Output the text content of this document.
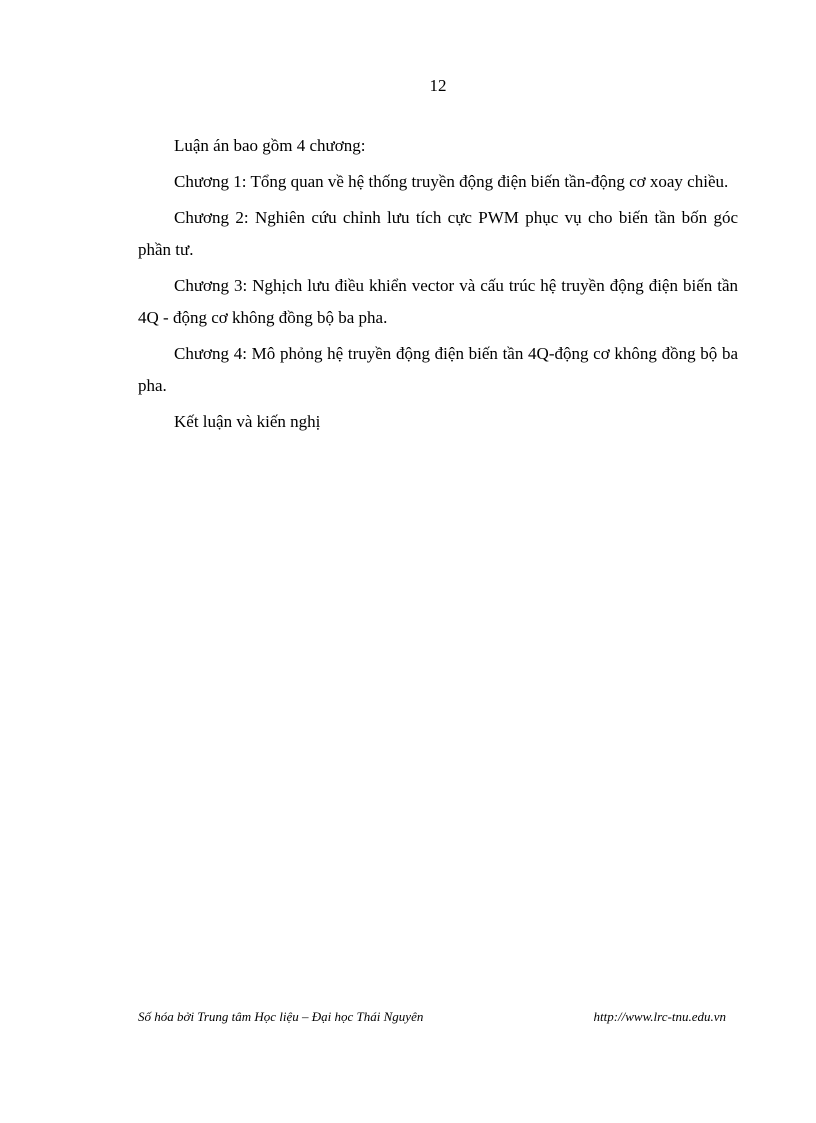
12

Luận án bao gồm 4 chương:

Chương 1: Tổng quan về hệ thống truyền động điện biến tần-động cơ xoay chiều.

Chương 2: Nghiên cứu chỉnh lưu tích cực PWM phục vụ cho biến tần bốn góc phần tư.

Chương 3: Nghịch lưu điều khiển vector và cấu trúc hệ truyền động điện biến tần 4Q - động cơ không đồng bộ ba pha.

Chương 4: Mô phỏng hệ truyền động điện biến tần 4Q-động cơ không đồng bộ ba pha.

Kết luận và kiến nghị

Số hóa bởi Trung tâm Học liệu – Đại học Thái Nguyên	http://www.lrc-tnu.edu.vn
